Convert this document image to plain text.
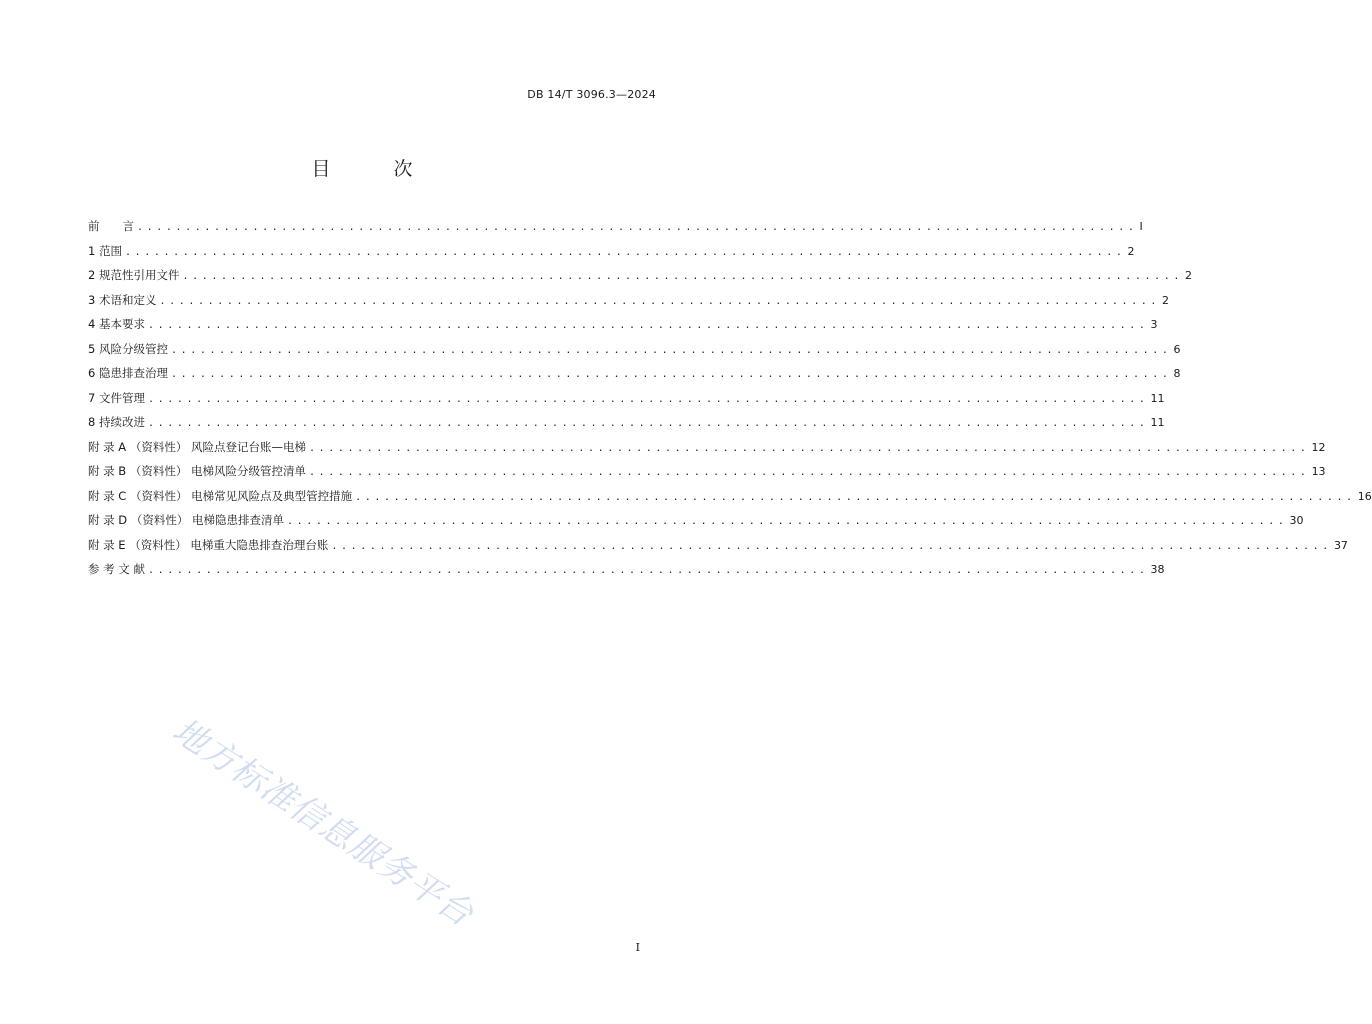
DB 14/T 3096.3—2024
目　次
前　　言 ........................................................................................................ I
1 范围 ........................................................................................................ 2
2 规范性引用文件 ........................................................................................................ 2
3 术语和定义 ........................................................................................................ 2
4 基本要求 ........................................................................................................ 3
5 风险分级管控 ........................................................................................................ 6
6 隐患排查治理 ........................................................................................................ 8
7 文件管理 ........................................................................................................ 11
8 持续改进 ........................................................................................................ 11
附 录 A （资料性） 风险点登记台账—电梯 ........................................................................................................ 12
附 录 B （资料性） 电梯风险分级管控清单 ........................................................................................................ 13
附 录 C （资料性） 电梯常见风险点及典型管控措施 ........................................................................................................ 16
附 录 D （资料性） 电梯隐患排查清单 ........................................................................................................ 30
附 录 E （资料性） 电梯重大隐患排查治理台账 ........................................................................................................ 37
参 考 文 献 ........................................................................................................ 38
地方标准信息服务平台
I
